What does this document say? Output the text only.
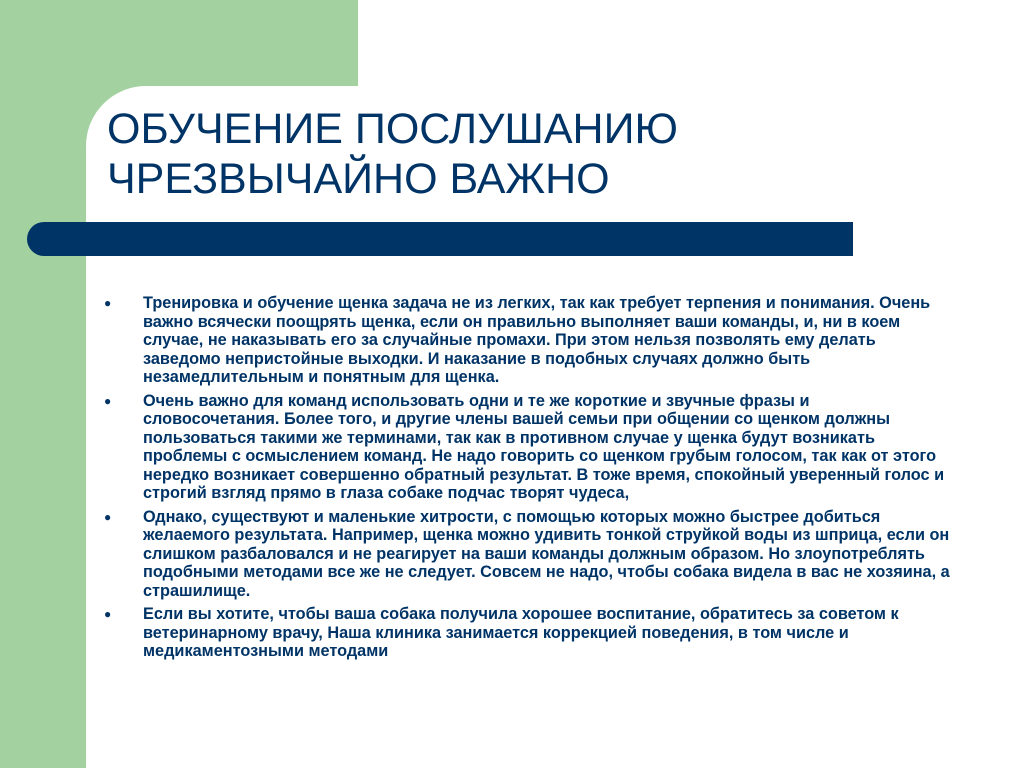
ОБУЧЕНИЕ ПОСЛУШАНИЮ
ЧРЕЗВЫЧАЙНО ВАЖНО
● Тренировка и обучение щенка задача не из легких, так как требует терпения и понимания. Очень важно всячески поощрять щенка, если он правильно выполняет ваши команды, и, ни в коем случае, не наказывать его за случайные промахи. При этом нельзя позволять ему делать заведомо непристойные выходки. И наказание в подобных случаях должно быть незамедлительным и понятным для щенка.
● Очень важно для команд использовать одни и те же короткие и звучные фразы и словосочетания. Более того, и другие члены вашей семьи при общении со щенком должны пользоваться такими же терминами, так как в противном случае у щенка будут возникать проблемы с осмыслением команд. Не надо говорить со щенком грубым голосом, так как от этого нередко возникает совершенно обратный результат. В тоже время, спокойный уверенный голос и строгий взгляд прямо в глаза собаке подчас творят чудеса,
● Однако, существуют и маленькие хитрости, с помощью которых можно быстрее добиться желаемого результата. Например, щенка можно удивить тонкой струйкой воды из шприца, если он слишком разбаловался и не реагирует на ваши команды должным образом. Но злоупотреблять подобными методами все же не следует. Совсем не надо, чтобы собака видела в вас не хозяина, а страшилище.
● Если вы хотите, чтобы ваша собака получила хорошее воспитание, обратитесь за советом к ветеринарному врачу, Наша клиника занимается коррекцией поведения, в том числе и медикаментозными методами
